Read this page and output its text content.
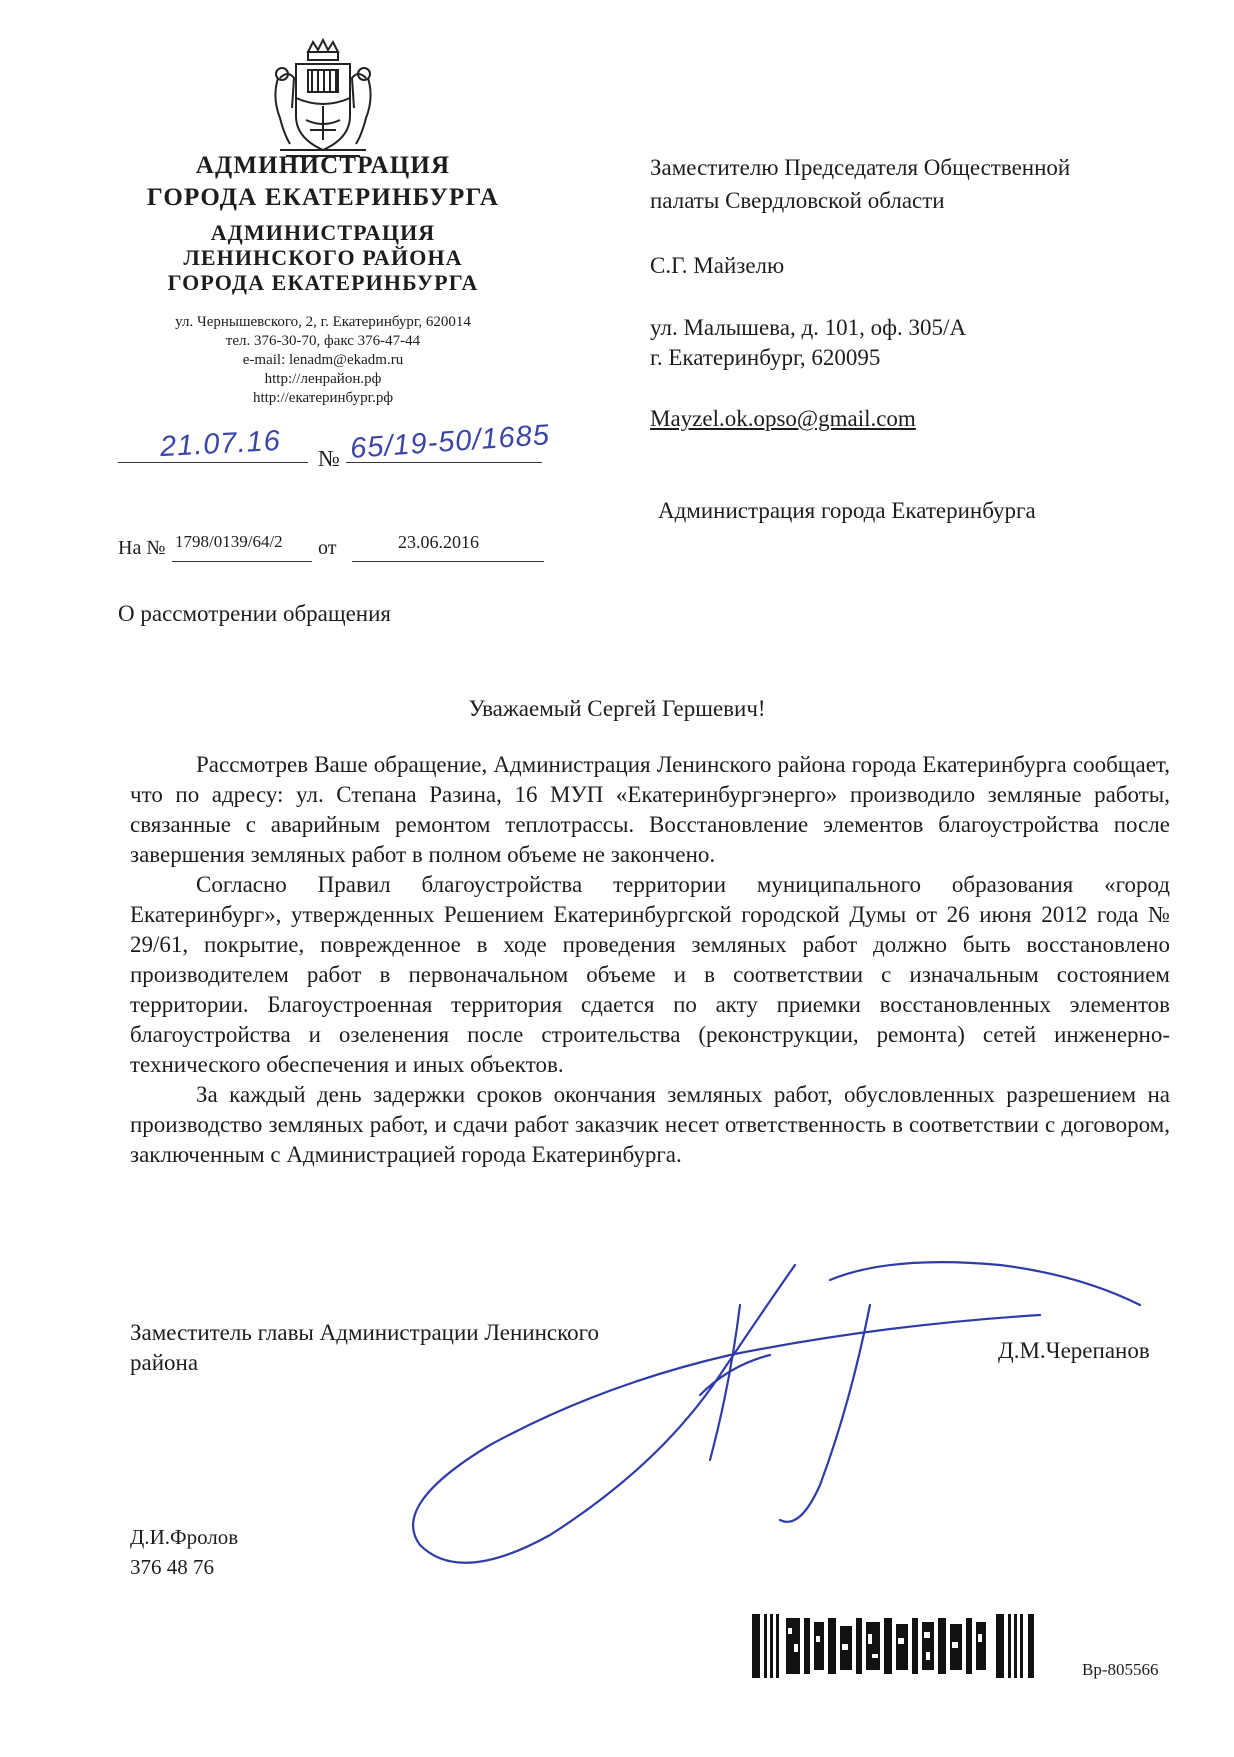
АДМИНИСТРАЦИЯ
ГОРОДА ЕКАТЕРИНБУРГА
АДМИНИСТРАЦИЯ
ЛЕНИНСКОГО РАЙОНА
ГОРОДА ЕКАТЕРИНБУРГА
ул. Чернышевского, 2, г. Екатеринбург, 620014
тел. 376-30-70, факс 376-47-44
e-mail: lenadm@ekadm.ru
http://ленрайон.рф
http://екатеринбург.рф
21.07.16 № 65/19-50/1685
На № 1798/0139/64/2 от	23.06.2016
Заместителю Председателя Общественной
палаты Свердловской области
С.Г. Майзелю
ул. Малышева, д. 101, оф. 305/А
г. Екатеринбург, 620095
Mayzel.ok.opso@gmail.com
Администрация города Екатеринбурга
О рассмотрении обращения
Уважаемый Сергей Гершевич!

Рассмотрев Ваше обращение, Администрация Ленинского района города Екатеринбурга сообщает, что по адресу: ул. Степана Разина, 16 МУП «Екатеринбургэнерго» производило земляные работы, связанные с аварийным ремонтом теплотрассы. Восстановление элементов благоустройства после завершения земляных работ в полном объеме не закончено.

Согласно Правил благоустройства территории муниципального образования «город Екатеринбург», утвержденных Решением Екатеринбургской городской Думы от 26 июня 2012 года № 29/61, покрытие, поврежденное в ходе проведения земляных работ должно быть восстановлено производителем работ в первоначальном объеме и в соответствии с изначальным состоянием территории. Благоустроенная территория сдается по акту приемки восстановленных элементов благоустройства и озеленения после строительства (реконструкции, ремонта) сетей инженерно-технического обеспечения и иных объектов.

За каждый день задержки сроков окончания земляных работ, обусловленных разрешением на производство земляных работ, и сдачи работ заказчик несет ответственность в соответствии с договором, заключенным с Администрацией города Екатеринбурга.

Заместитель главы Администрации Ленинского
района	Д.М.Черепанов
Д.И.Фролов
376 48 76
Вр-805566
